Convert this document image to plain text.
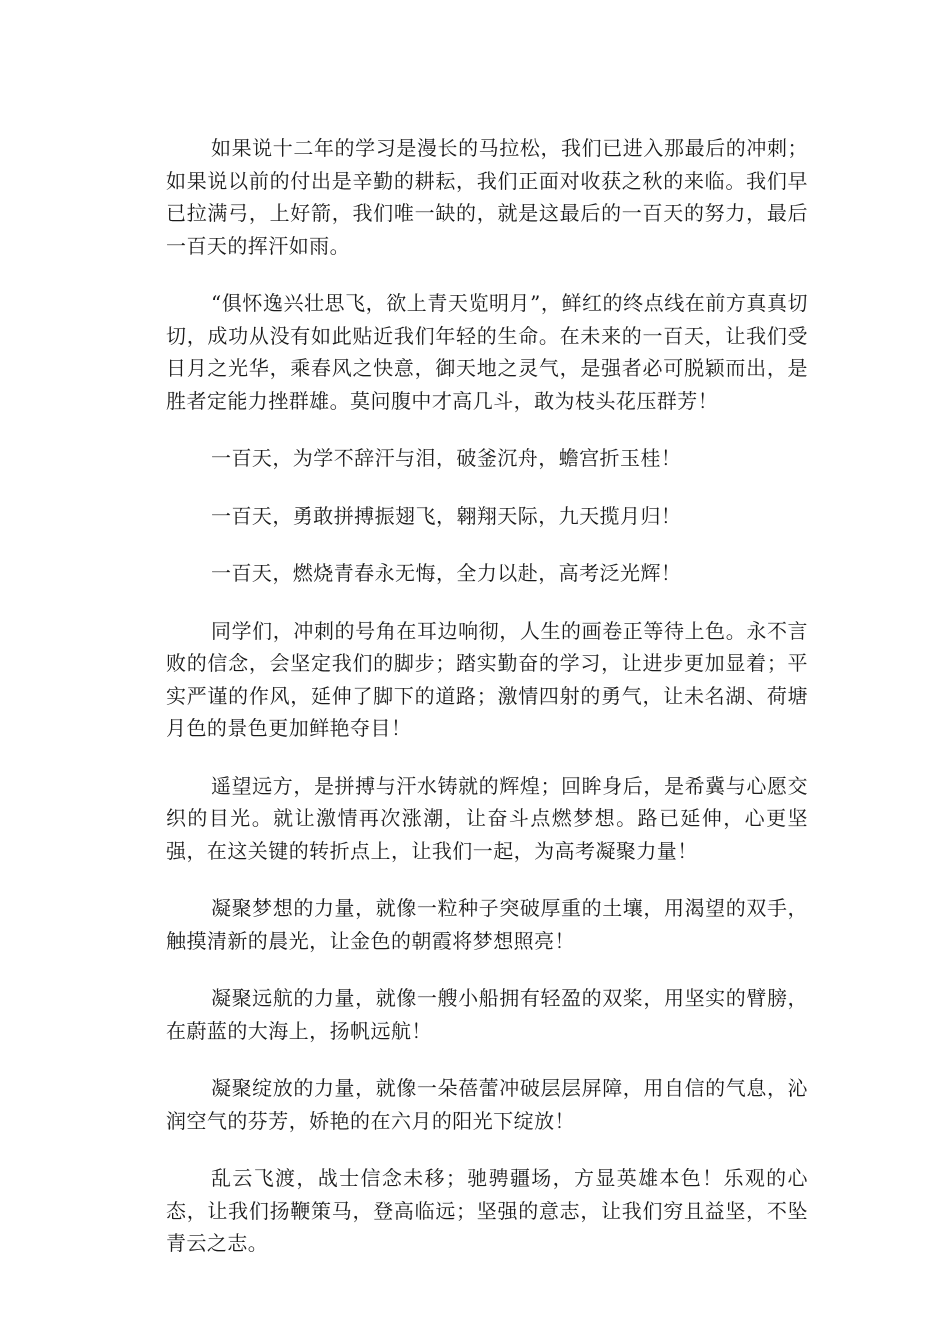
如果说十二年的学习是漫长的马拉松，我们已进入那最后的冲刺；如果说以前的付出是辛勤的耕耘，我们正面对收获之秋的来临。我们早已拉满弓，上好箭，我们唯一缺的，就是这最后的一百天的努力，最后一百天的挥汗如雨。

“俱怀逸兴壮思飞，欲上青天览明月”，鲜红的终点线在前方真真切切，成功从没有如此贴近我们年轻的生命。在未来的一百天，让我们受日月之光华，乘春风之快意，御天地之灵气，是强者必可脱颖而出，是胜者定能力挫群雄。莫问腹中才高几斗，敢为枝头花压群芳！

一百天，为学不辞汗与泪，破釜沉舟，蟾宫折玉桂！

一百天，勇敢拼搏振翅飞，翱翔天际，九天揽月归！

一百天，燃烧青春永无悔，全力以赴，高考泛光辉！

同学们，冲刺的号角在耳边响彻，人生的画卷正等待上色。永不言败的信念，会坚定我们的脚步；踏实勤奋的学习，让进步更加显着；平实严谨的作风，延伸了脚下的道路；激情四射的勇气，让未名湖、荷塘月色的景色更加鲜艳夺目！

遥望远方，是拼搏与汗水铸就的辉煌；回眸身后，是希冀与心愿交织的目光。就让激情再次涨潮，让奋斗点燃梦想。路已延伸，心更坚强，在这关键的转折点上，让我们一起，为高考凝聚力量！

凝聚梦想的力量，就像一粒种子突破厚重的土壤，用渴望的双手，触摸清新的晨光，让金色的朝霞将梦想照亮！

凝聚远航的力量，就像一艘小船拥有轻盈的双桨，用坚实的臂膀，在蔚蓝的大海上，扬帆远航！

凝聚绽放的力量，就像一朵蓓蕾冲破层层屏障，用自信的气息，沁润空气的芬芳，娇艳的在六月的阳光下绽放！

乱云飞渡，战士信念未移；驰骋疆场，方显英雄本色！乐观的心态，让我们扬鞭策马，登高临远；坚强的意志，让我们穷且益坚，不坠青云之志。
